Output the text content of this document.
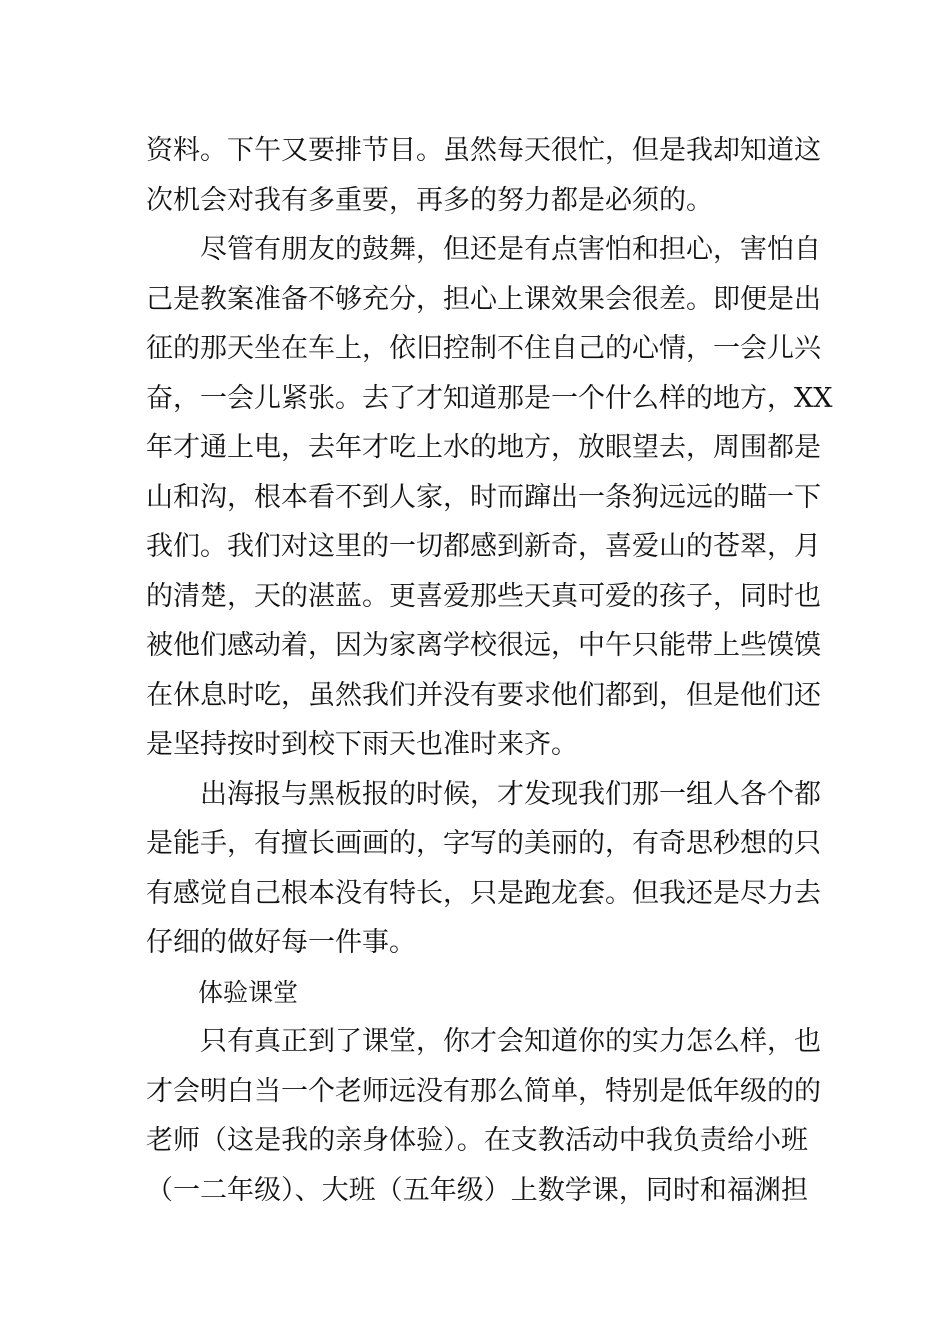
资料。下午又要排节目。虽然每天很忙，但是我却知道这
次机会对我有多重要，再多的努力都是必须的。
尽管有朋友的鼓舞，但还是有点害怕和担心，害怕自
己是教案准备不够充分，担心上课效果会很差。即便是出
征的那天坐在车上，依旧控制不住自己的心情，一会儿兴
奋，一会儿紧张。去了才知道那是一个什么样的地方，XX
年才通上电，去年才吃上水的地方，放眼望去，周围都是
山和沟，根本看不到人家，时而蹿出一条狗远远的瞄一下
我们。我们对这里的一切都感到新奇，喜爱山的苍翠，月
的清楚，天的湛蓝。更喜爱那些天真可爱的孩子，同时也
被他们感动着，因为家离学校很远，中午只能带上些馍馍
在休息时吃，虽然我们并没有要求他们都到，但是他们还
是坚持按时到校下雨天也准时来齐。
出海报与黑板报的时候，才发现我们那一组人各个都
是能手，有擅长画画的，字写的美丽的，有奇思秒想的只
有感觉自己根本没有特长，只是跑龙套。但我还是尽力去
仔细的做好每一件事。
体验课堂
只有真正到了课堂，你才会知道你的实力怎么样，也
才会明白当一个老师远没有那么简单，特别是低年级的的
老师（这是我的亲身体验）。在支教活动中我负责给小班
（一二年级）、大班（五年级）上数学课，同时和福渊担
